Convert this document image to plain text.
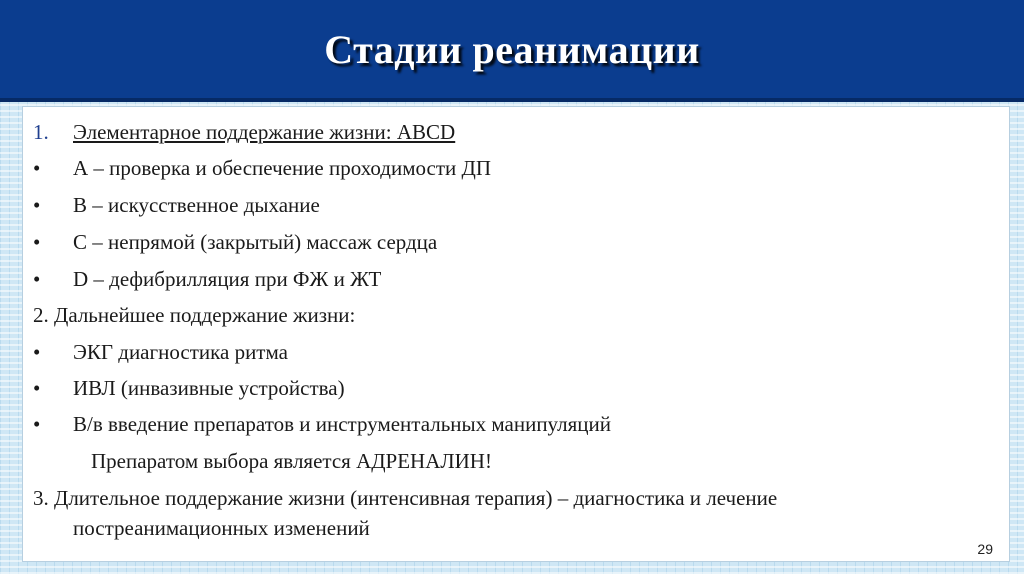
Стадии реанимации
1. Элементарное поддержание жизни: ABCD
• А – проверка и обеспечение проходимости ДП
• В – искусственное дыхание
• С – непрямой (закрытый) массаж сердца
• D – дефибрилляция при ФЖ и ЖТ
2. Дальнейшее поддержание жизни:
• ЭКГ диагностика ритма
• ИВЛ (инвазивные устройства)
• В/в введение препаратов и инструментальных манипуляций
Препаратом выбора является АДРЕНАЛИН!
3. Длительное поддержание жизни (интенсивная терапия) – диагностика и лечение
постреанимационных изменений
29
